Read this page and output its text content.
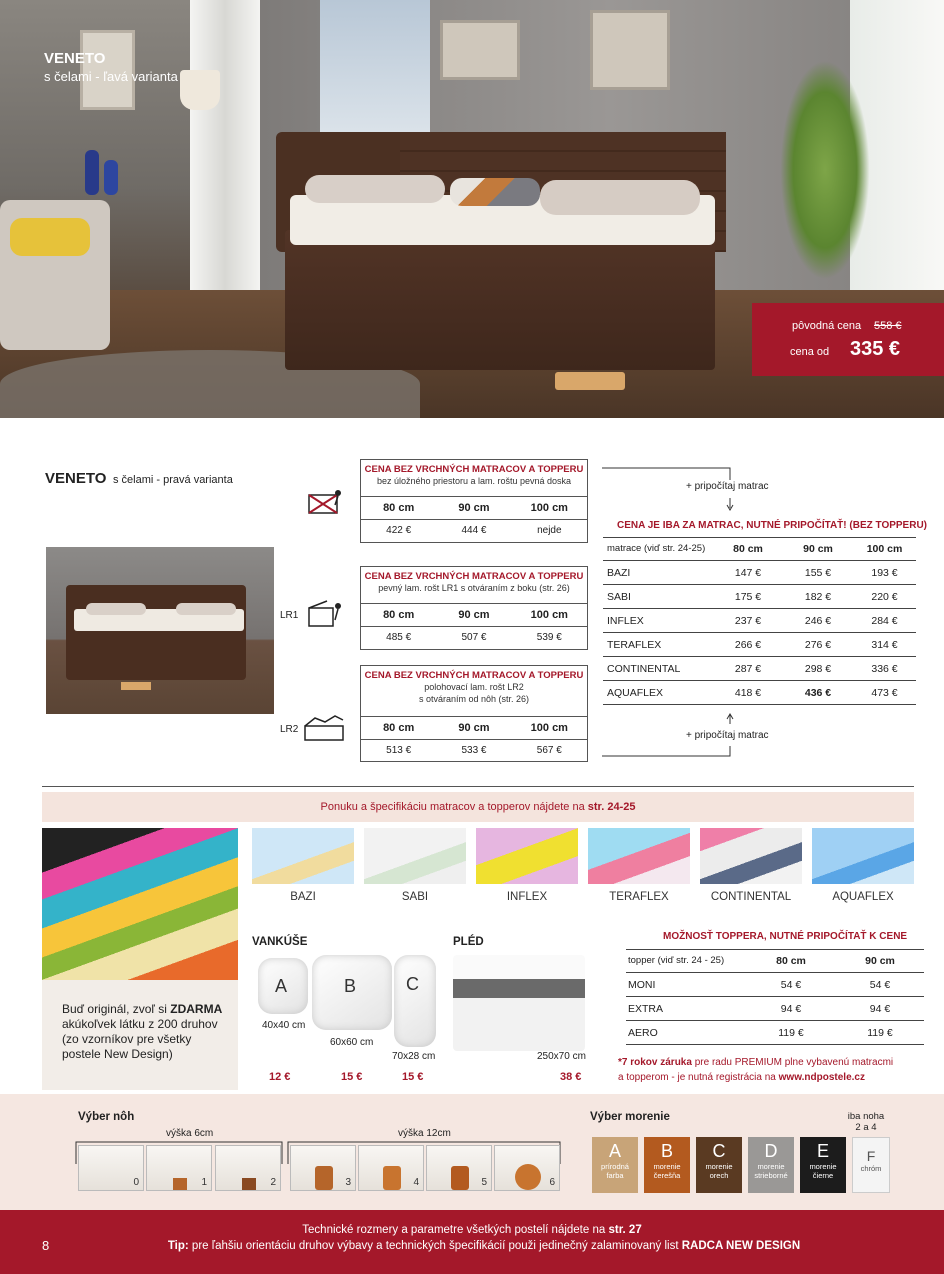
VENETO
s čelami - ľavá varianta
pôvodná cena 558 €
cena od 335 €
VENETO s čelami - pravá varianta
LR1
LR2
CENA BEZ VRCHNÝCH MATRACOV A TOPPERU
bez úložného priestoru a lam. roštu pevná doska
80 cm	90 cm	100 cm
422 €	444 €	nejde
CENA BEZ VRCHNÝCH MATRACOV A TOPPERU
pevný lam. rošt LR1 s otváraním z boku (str. 26)
80 cm	90 cm	100 cm
485 €	507 €	539 €
CENA BEZ VRCHNÝCH MATRACOV A TOPPERU
polohovací lam. rošt LR2
s otváraním od nôh (str. 26)
80 cm	90 cm	100 cm
513 €	533 €	567 €
+ pripočítaj matrac
CENA JE IBA ZA MATRAC, NUTNÉ PRIPOČÍTAŤ! (BEZ TOPPERU)
matrace (viď str. 24-25)	80 cm	90 cm	100 cm
BAZI	147 €	155 €	193 €
SABI	175 €	182 €	220 €
INFLEX	237 €	246 €	284 €
TERAFLEX	266 €	276 €	314 €
CONTINENTAL	287 €	298 €	336 €
AQUAFLEX	418 €	436 €	473 €
+ pripočítaj matrac
Ponuku a špecifikáciu matracov a topperov nájdete na str. 24-25
Buď originál, zvoľ si ZDARMA
akúkoľvek látku z 200 druhov
(zo vzorníkov pre všetky
postele New Design)
BAZI	SABI	INFLEX	TERAFLEX	CONTINENTAL	AQUAFLEX
VANKÚŠE
A
40x40 cm
12 €
B
60x60 cm
15 €
C
70x28 cm
15 €
PLÉD
250x70 cm
38 €
MOŽNOSŤ TOPPERA, NUTNÉ PRIPOČÍTAŤ K CENE
topper (viď str. 24 - 25)	80 cm	90 cm
MONI	54 €	54 €
EXTRA	94 €	94 €
AERO	119 €	119 €
*7 rokov záruka pre radu PREMIUM plne vybavenú matracmi
a topperom - je nutná registrácia na www.ndpostele.cz
Výber nôh
výška 6cm	výška 12cm
0	1	2	3	4	5	6
Výber morenie	iba noha
2 a 4
A
prírodná
farba
B
morenie
čerešňa
C
morenie
orech
D
morenie
strieborné
E
morenie
čierne
F
chróm
8
Technické rozmery a parametre všetkých postelí nájdete na str. 27
Tip: pre ľahšiu orientáciu druhov výbavy a technických špecifikácií použi jedinečný zalaminovaný list RADCA NEW DESIGN
